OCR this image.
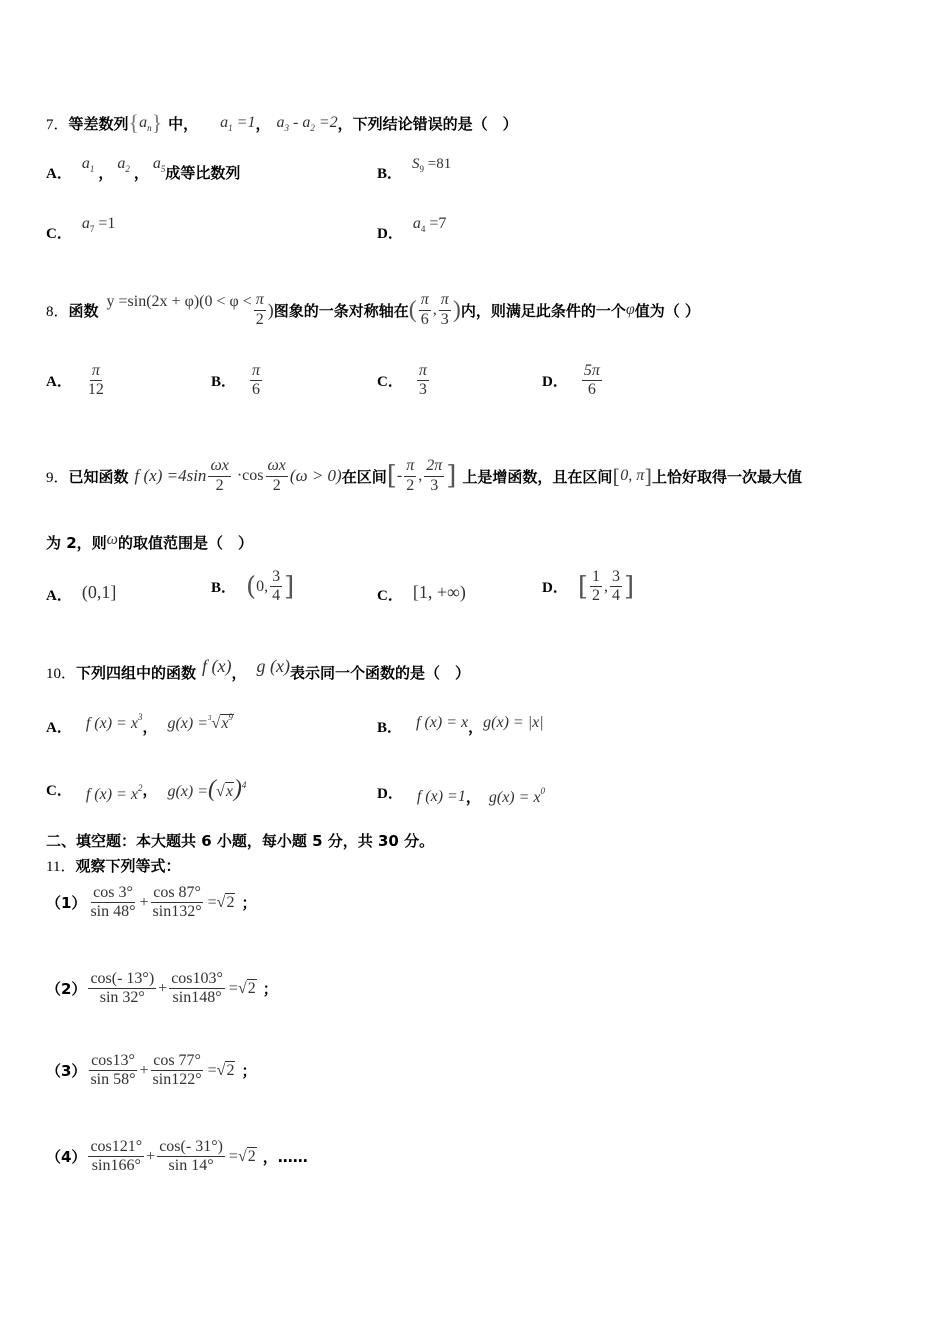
7． 等差数列 { $a_n$ } 中， $a_1 =1$ ， $a_3 - a_2 =2$ ，下列结论错误的是（　）
A．
$a_1$ ，
$a_2$ ，
$a_5$ 成等比数列	B．
$S_9 =81$
C．
$a_7 =1$
D．
$a_4 =7$
8． 函数 $y =\sin(2x + \varphi)(0 < \varphi < \frac{\pi}{2}$ ) 图象的一条对称轴在 ( $\frac{\pi}{6}$ , $\frac{\pi}{3}$ ) 内，则满足此条件的一个 φ 值为（ ）
A． $\frac{\pi}{12}$	B． $\frac{\pi}{6}$	C． $\frac{\pi}{3}$	D． $\frac{5\pi}{6}$
9． 已知函数 f $(x) =4\sin \frac{\omega x}{2} \cdot\cos \frac{\omega x}{2} (\omega > 0)$ 在区间 [ - $\frac{\pi}{2}$ , $\frac{2\pi}{3}$ ] 上是增函数，且在区间 [ 0, π ] 上恰好取得一次最大值
为 2，则 ω 的取值范围是（　）
A． (0,1]	B． ( 0, $\frac{3}{4}$ ]	C． [1, +∞)	D． [ $\frac{1}{2}$ , $\frac{3}{4}$ ]
10． 下列四组中的函数 f (x) ， g (x) 表示同一个函数的是（　）
A． f $(x) = x^3$
， $g(x) =^3√x^9$
B． f (x) = x ， g(x) = |x|
C． f $(x) = x^2$ ， $g(x) =(√x)^4$
D． f (x) =1 ， $g(x) = x^0$
二、填空题：本大题共 6 小题，每小题 5 分，共 30 分。
11． 观察下列等式：
$(1) \frac{\cos 3^\circ}{\sin 48^\circ} + \frac{\cos 87^\circ}{\sin 132^\circ} =√2$ ；
$(2) \frac{\cos(- 13^\circ)}{\sin 32^\circ} + \frac{\cos 103^\circ}{\sin 148^\circ} =√2$ ；
$(3) \frac{\cos 13^\circ}{\sin 58^\circ} + \frac{\cos 77^\circ}{\sin 122^\circ} =√2$ ；
$(4) \frac{\cos 121^\circ}{\sin 166^\circ} + \frac{\cos(- 31^\circ)}{\sin 14^\circ} =√2$ ，……
